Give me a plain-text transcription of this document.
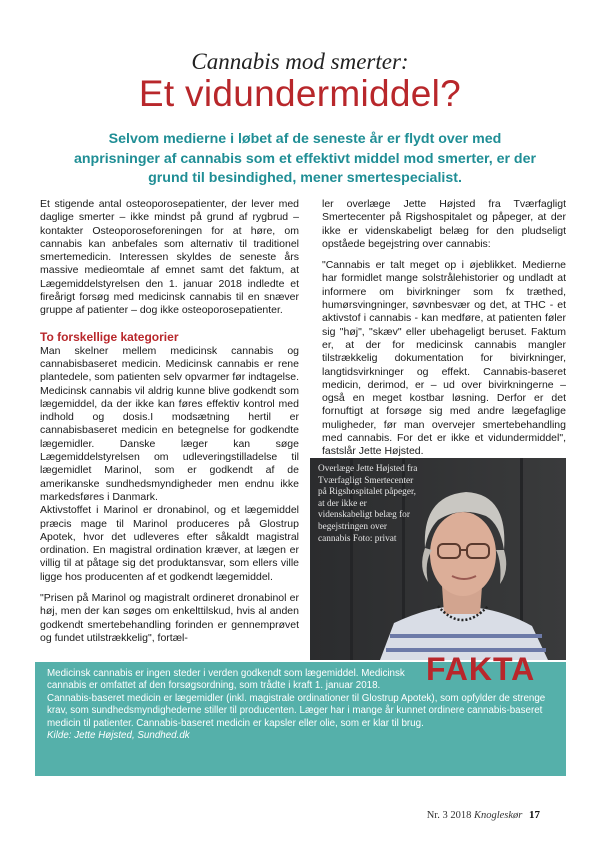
Cannabis mod smerter:
Et vidundermiddel?
Selvom medierne i løbet af de seneste år er flydt over med anprisninger af cannabis som et effektivt middel mod smerter, er der grund til besindighed, mener smertespecialist.

Et stigende antal osteoporosepatienter, der lever med daglige smerter – ikke mindst på grund af rygbrud – kontakter Osteoporoseforeningen for at høre, om cannabis kan anbefales som alternativ til traditionel smertemedicin. Interessen skyldes de seneste års massive medieomtale af emnet samt det faktum, at Lægemiddelstyrelsen den 1. januar 2018 indledte et fireårigt forsøg med medicinsk cannabis til en snæver gruppe af patienter – dog ikke osteoporosepatienter.

To forskellige kategorier

Man skelner mellem medicinsk cannabis og cannabisbaseret medicin. Medicinsk cannabis er rene plantedele, som patienten selv opvarmer før indtagelse. Medicinsk cannabis vil aldrig kunne blive godkendt som lægemiddel, da der ikke kan føres effektiv kontrol med indhold og dosis.I modsætning hertil er cannabisbaseret medicin en betegnelse for godkendte lægemidler. Danske læger kan søge Lægemiddelstyrelsen om udleveringstilladelse til lægemidlet Marinol, som er godkendt af de amerikanske sundhedsmyndigheder men endnu ikke markedsføres i Danmark.

Aktivstoffet i Marinol er dronabinol, og et lægemiddel præcis mage til Marinol produceres på Glostrup Apotek, hvor det udleveres efter såkaldt magistral ordination. En magistral ordination kræver, at lægen er villig til at påtage sig det produktansvar, som ellers ville ligge hos producenten af et godkendt lægemiddel.

"Prisen på Marinol og magistralt ordineret dronabinol er høj, men der kan søges om enkelttilskud, hvis al anden godkendt smertebehandling forinden er gennemprøvet og fundet utilstrækkelig", fortæl-

ler overlæge Jette Højsted fra Tværfagligt Smertecenter på Rigshospitalet og påpeger, at der ikke er videnskabeligt belæg for den pludseligt opståede begejstring over cannabis:

"Cannabis er talt meget op i øjeblikket. Medierne har formidlet mange solstrålehistorier og undladt at informere om bivirkninger som fx træthed, humørsvingninger, søvnbesvær og det, at THC - et aktivstof i cannabis - kan medføre, at patienten føler sig "høj", "skæv" eller ubehageligt beruset. Faktum er, at der for medicinsk cannabis mangler tilstrækkelig dokumentation for bivirkninger, langtidsvirkninger og effekt. Cannabis-baseret medicin, derimod, er – ud over bivirkningerne – også en meget kostbar løsning. Derfor er det fornuftigt at forsøge sig med andre lægefaglige muligheder, før man overvejer smertebehandling med cannabis. For det er ikke et vidundermiddel", fastslår Jette Højsted.

Overlæge Jette Højsted fra Tværfagligt Smertecenter på Rigshospitalet påpeger, at der ikke er videnskabeligt belæg for begejstringen over cannabis Foto: privat
FAKTA

Medicinsk cannabis er ingen steder i verden godkendt som lægemiddel. Medicinsk cannabis er omfattet af den forsøgsordning, som trådte i kraft 1. januar 2018.

Cannabis-baseret medicin er lægemidler (inkl. magistrale ordinationer til Glostrup Apotek), som opfylder de strenge krav, som sundhedsmyndighederne stiller til producenten. Læger har i mange år kunnet ordinere cannabis-baseret medicin til patienter. Cannabis-baseret medicin er kapsler eller olie, som er klar til brug.

Kilde: Jette Højsted, Sundhed.dk

Nr. 3 2018 Knogleskør 17
